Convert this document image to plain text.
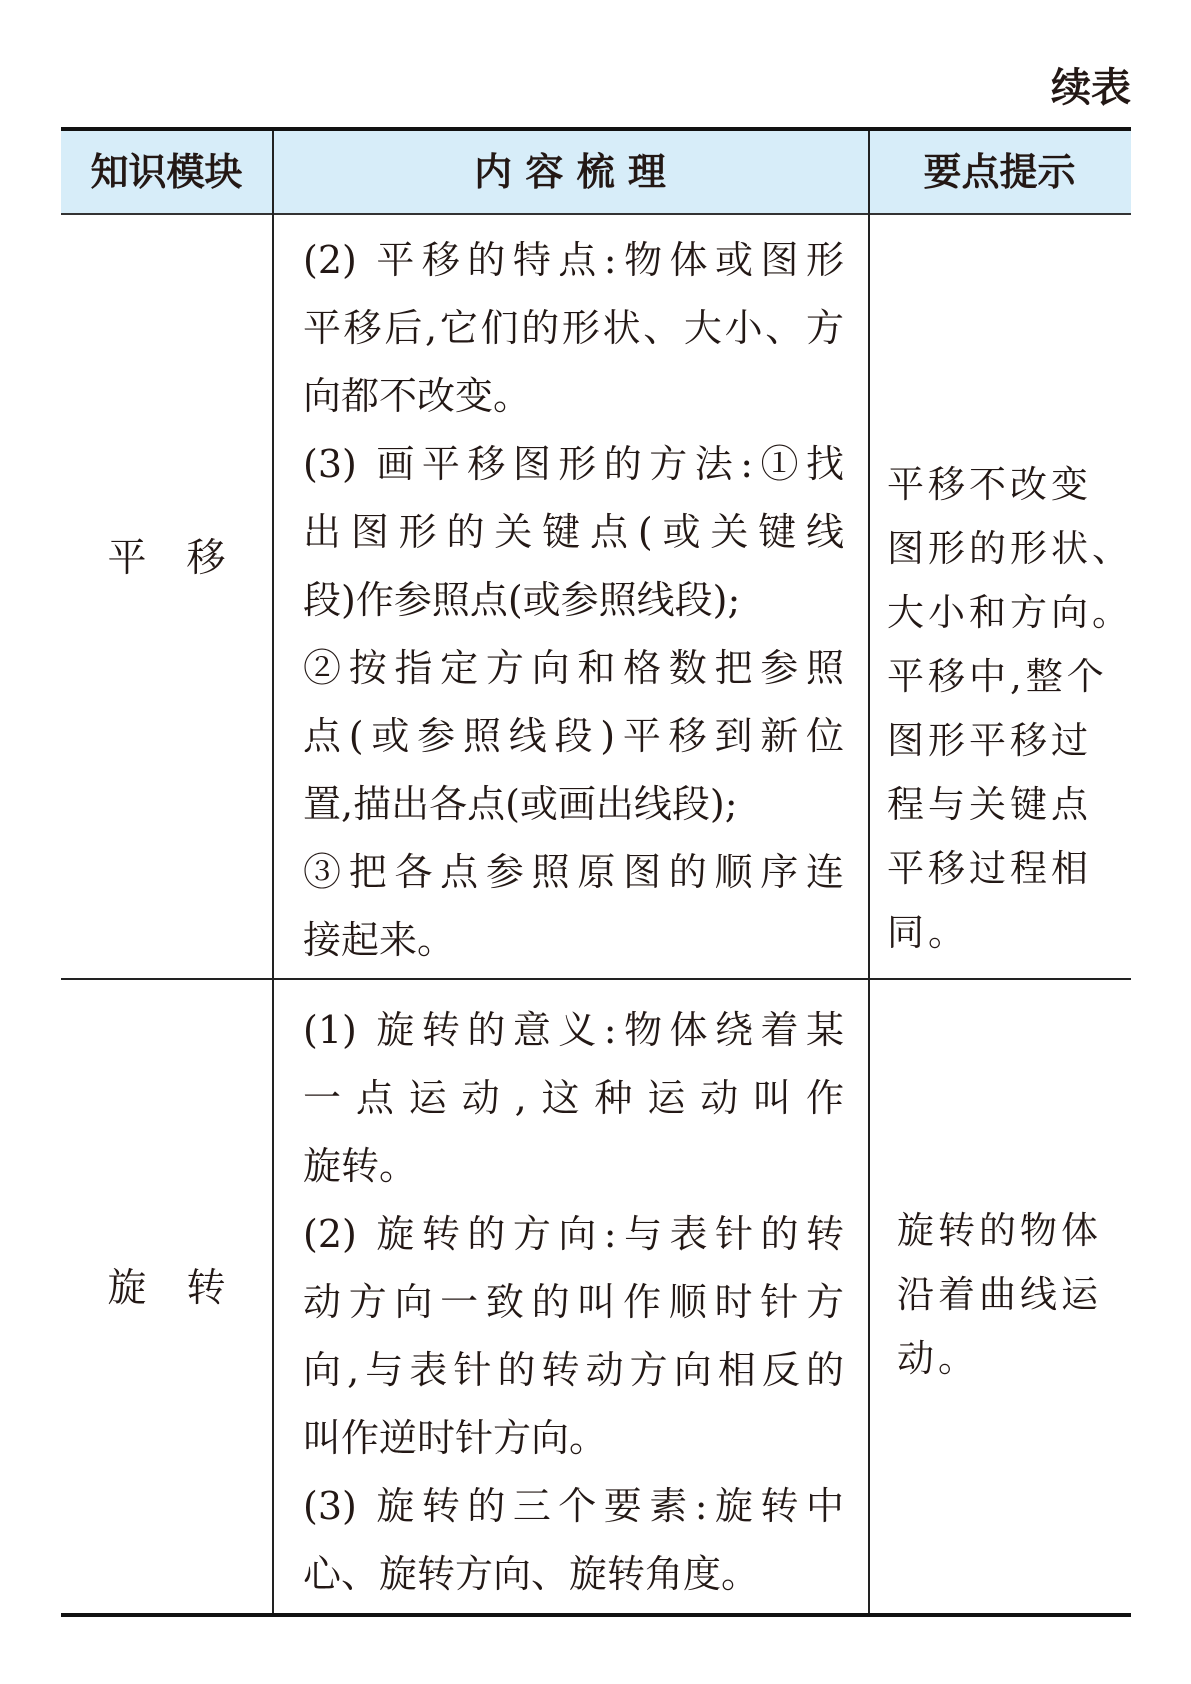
续表
知识模块	内 容 梳 理	要点提示
平移
(2) 平移的特点:物体或图形
平移后,它们的形状、大小、方
向都不改变。
(3) 画平移图形的方法:①找
出图形的关键点(或关键线
段)作参照点(或参照线段);
②按指定方向和格数把参照
点(或参照线段)平移到新位
置,描出各点(或画出线段);
③把各点参照原图的顺序连
接起来。
平移不改变
图形的形状、
大小和方向。
平移中,整个
图形平移过
程与关键点
平移过程相
同。
旋转
(1) 旋转的意义:物体绕着某
一点运动,这种运动叫作
旋转。
(2) 旋转的方向:与表针的转
动方向一致的叫作顺时针方
向,与表针的转动方向相反的
叫作逆时针方向。
(3) 旋转的三个要素:旋转中
心、旋转方向、旋转角度。
旋转的物体
沿着曲线运
动。
